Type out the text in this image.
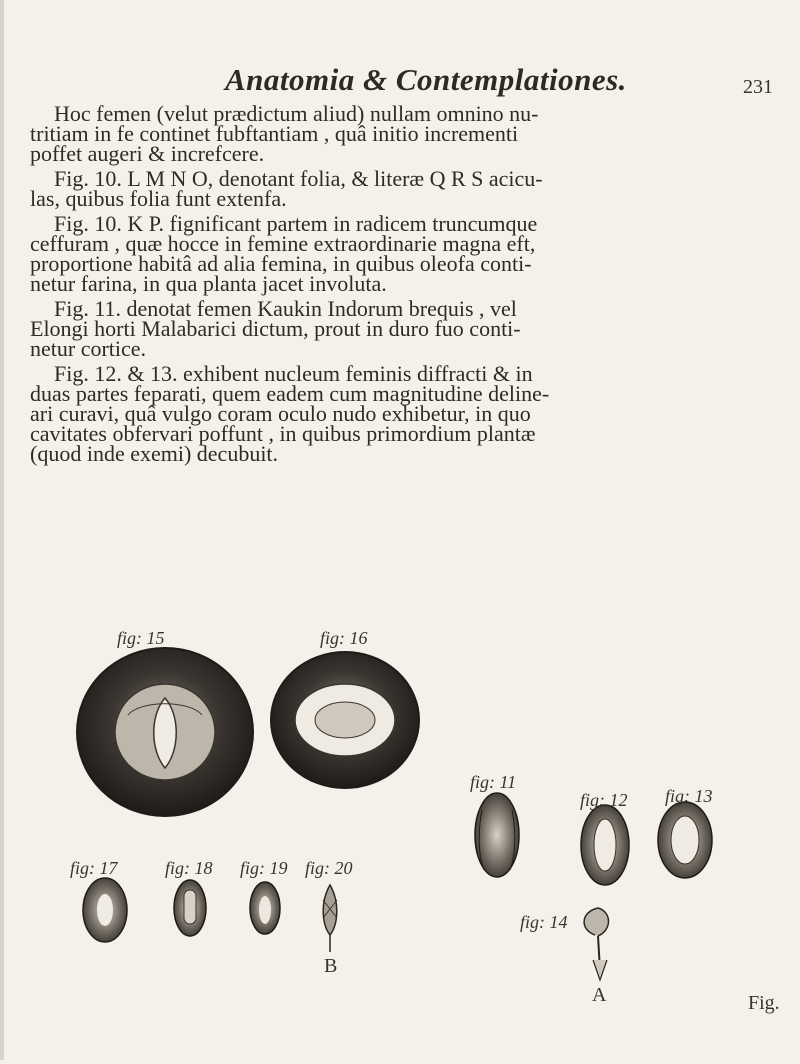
Anatomia & Contemplationes.	231

Hoc femen (velut prædictum aliud) nullam omnino nu-
tritiam in fe continet fubftantiam , quâ initio incrementi
poffet augeri & increfcere.

Fig. 10. L M N O, denotant folia, & literæ Q R S acicu-
las, quibus folia funt extenfa.

Fig. 10. K P. fignificant partem in radicem truncumque
ceffuram , quæ hocce in femine extraordinarie magna eft,
proportione habitâ ad alia femina, in quibus oleofa conti-
netur farina, in qua planta jacet involuta.

Fig. 11. denotat femen Kaukin Indorum brequis , vel
Elongi horti Malabarici dictum, prout in duro fuo conti-
netur cortice.

Fig. 12. & 13. exhibent nucleum feminis diffracti & in
duas partes feparati, quem eadem cum magnitudine deline-
ari curavi, quâ vulgo coram oculo nudo exhibetur, in quo
cavitates obfervari poffunt , in quibus primordium plantæ
(quod inde exemi) decubuit.

fig: 15	fig: 16
fig: 17	fig: 18 fig: 19 fig: 20
fig: 11
fig: 12 fig: 13
fig: 14
B
A	Fig.
